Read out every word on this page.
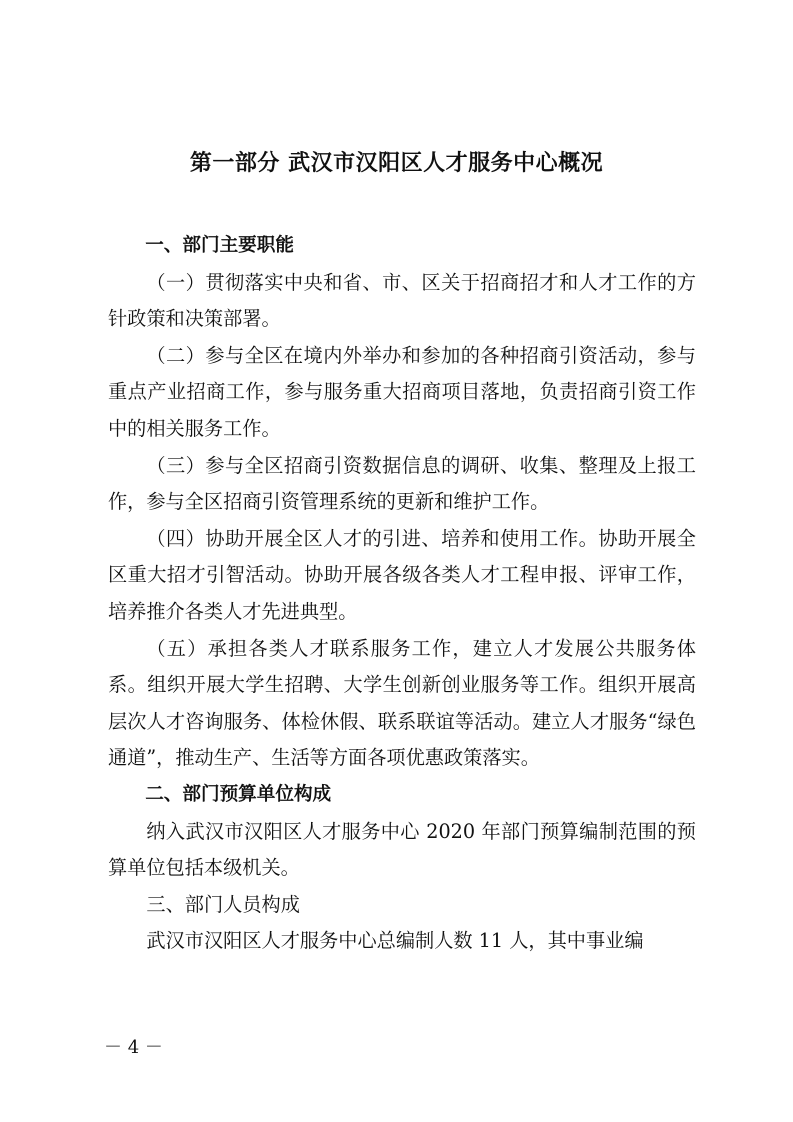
第一部分 武汉市汉阳区人才服务中心概况

一、部门主要职能

（一）贯彻落实中央和省、市、区关于招商招才和人才工作的方针政策和决策部署。

（二）参与全区在境内外举办和参加的各种招商引资活动，参与重点产业招商工作，参与服务重大招商项目落地，负责招商引资工作中的相关服务工作。

（三）参与全区招商引资数据信息的调研、收集、整理及上报工作，参与全区招商引资管理系统的更新和维护工作。

（四）协助开展全区人才的引进、培养和使用工作。协助开展全区重大招才引智活动。协助开展各级各类人才工程申报、评审工作，培养推介各类人才先进典型。

（五）承担各类人才联系服务工作，建立人才发展公共服务体系。组织开展大学生招聘、大学生创新创业服务等工作。组织开展高层次人才咨询服务、体检休假、联系联谊等活动。建立人才服务“绿色通道”，推动生产、生活等方面各项优惠政策落实。

二、部门预算单位构成

纳入武汉市汉阳区人才服务中心 2020 年部门预算编制范围的预算单位包括本级机关。

三、部门人员构成

武汉市汉阳区人才服务中心总编制人数 11 人，其中事业编

－ 4 －
